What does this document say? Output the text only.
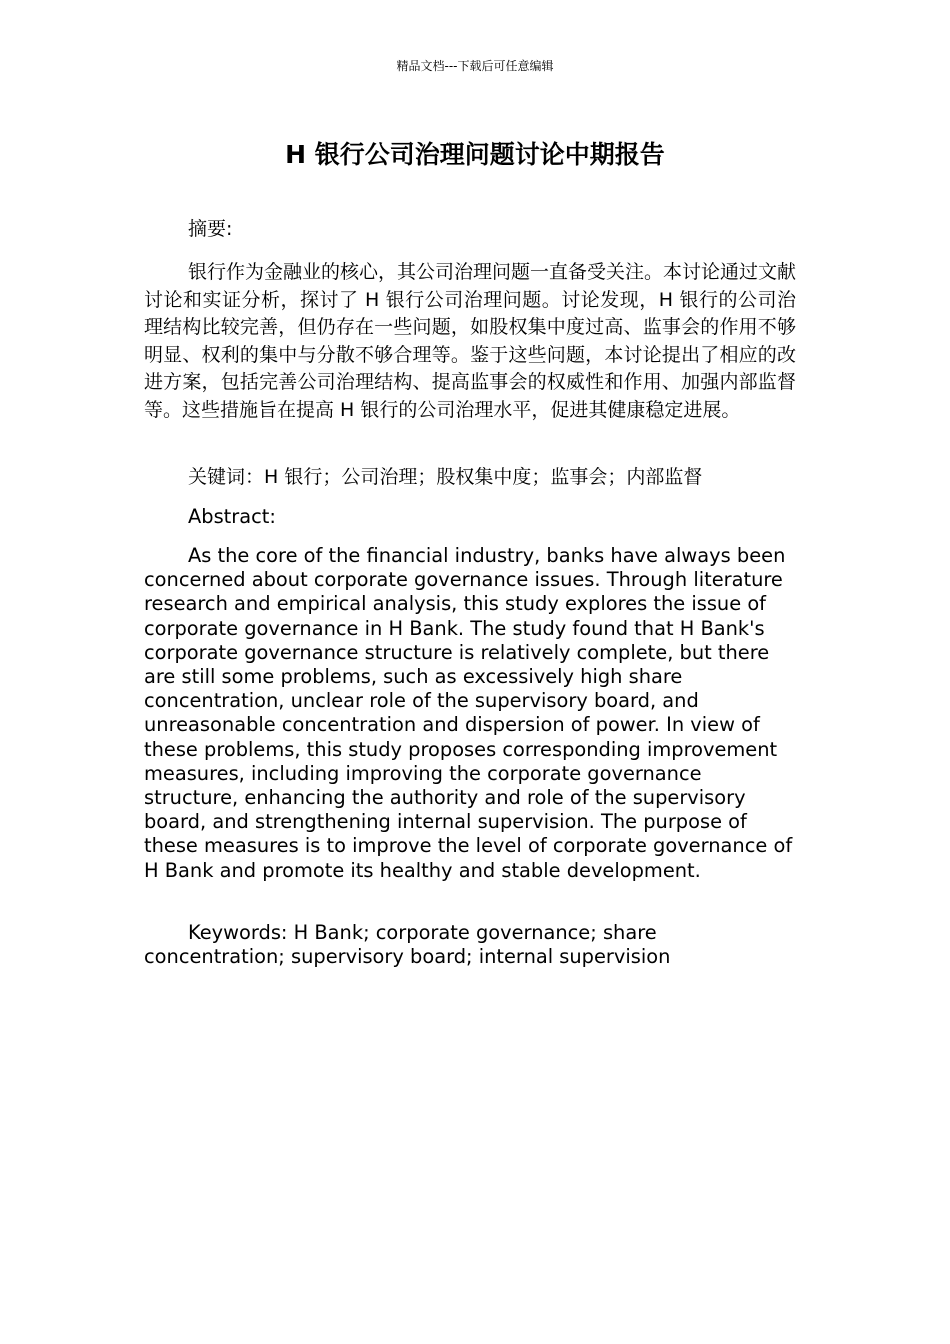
精品文档---下载后可任意编辑
H 银行公司治理问题讨论中期报告

摘要:

银行作为金融业的核心，其公司治理问题一直备受关注。本讨论通过文献讨论和实证分析，探讨了 H 银行公司治理问题。讨论发现，H 银行的公司治理结构比较完善，但仍存在一些问题，如股权集中度过高、监事会的作用不够明显、权利的集中与分散不够合理等。鉴于这些问题，本讨论提出了相应的改进方案，包括完善公司治理结构、提高监事会的权威性和作用、加强内部监督等。这些措施旨在提高 H 银行的公司治理水平，促进其健康稳定进展。

关键词：H 银行；公司治理；股权集中度；监事会；内部监督

Abstract:

As the core of the financial industry, banks have always been concerned about corporate governance issues. Through literature research and empirical analysis, this study explores the issue of corporate governance in H Bank. The study found that H Bank's corporate governance structure is relatively complete, but there are still some problems, such as excessively high share concentration, unclear role of the supervisory board, and unreasonable concentration and dispersion of power. In view of these problems, this study proposes corresponding improvement measures, including improving the corporate governance structure, enhancing the authority and role of the supervisory board, and strengthening internal supervision. The purpose of these measures is to improve the level of corporate governance of H Bank and promote its healthy and stable development.

Keywords: H Bank; corporate governance; share concentration; supervisory board; internal supervision
